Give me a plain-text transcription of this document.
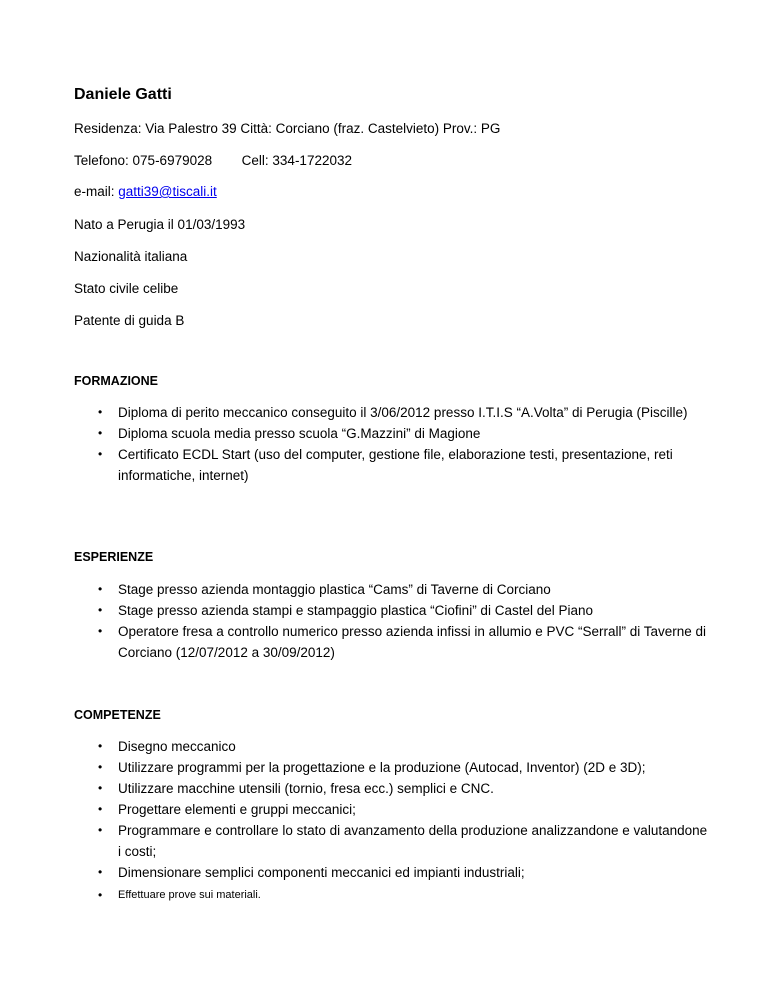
Daniele Gatti
Residenza: Via Palestro 39 Città: Corciano (fraz. Castelvieto) Prov.: PG
Telefono: 075-6979028 Cell: 334-1722032
e-mail: gatti39@tiscali.it
Nato a Perugia il 01/03/1993
Nazionalità italiana
Stato civile celibe
Patente di guida B
FORMAZIONE
• Diploma di perito meccanico conseguito il 3/06/2012 presso I.T.I.S “A.Volta” di Perugia (Piscille)
• Diploma scuola media presso scuola “G.Mazzini” di Magione
• Certificato ECDL Start (uso del computer, gestione file, elaborazione testi, presentazione, reti informatiche, internet)
ESPERIENZE
• Stage presso azienda montaggio plastica “Cams” di Taverne di Corciano
• Stage presso azienda stampi e stampaggio plastica “Ciofini” di Castel del Piano
• Operatore fresa a controllo numerico presso azienda infissi in allumio e PVC “Serrall” di Taverne di Corciano (12/07/2012 a 30/09/2012)
COMPETENZE
• Disegno meccanico
• Utilizzare programmi per la progettazione e la produzione (Autocad, Inventor) (2D e 3D);
• Utilizzare macchine utensili (tornio, fresa ecc.) semplici e CNC.
• Progettare elementi e gruppi meccanici;
• Programmare e controllare lo stato di avanzamento della produzione analizzandone e valutandone i costi;
• Dimensionare semplici componenti meccanici ed impianti industriali;
• Effettuare prove sui materiali.
